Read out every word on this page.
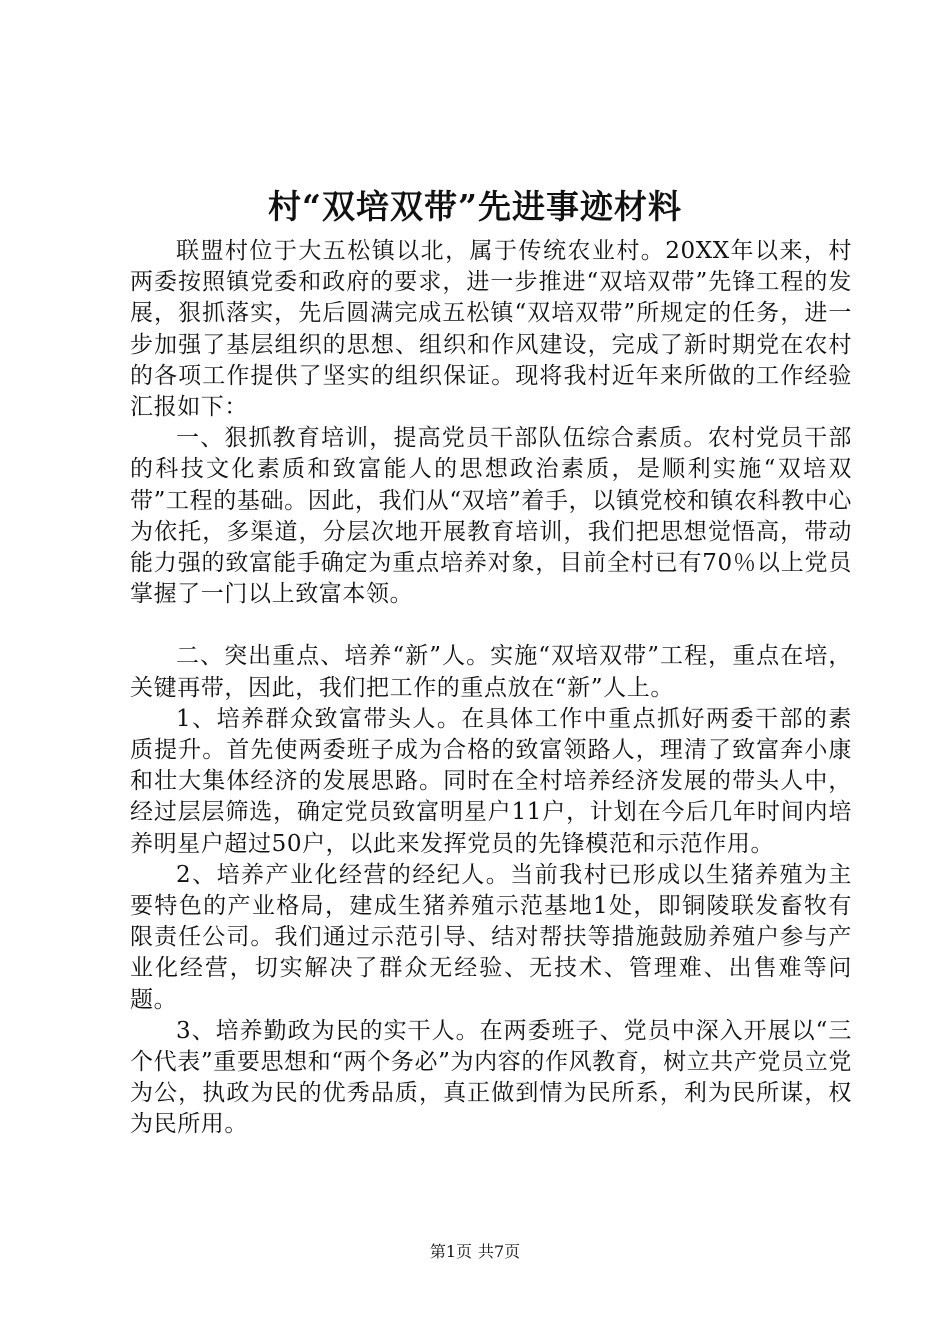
村“双培双带”先进事迹材料

联盟村位于大五松镇以北，属于传统农业村。20XX年以来，村两委按照镇党委和政府的要求，进一步推进“双培双带”先锋工程的发展，狠抓落实，先后圆满完成五松镇“双培双带”所规定的任务，进一步加强了基层组织的思想、组织和作风建设，完成了新时期党在农村的各项工作提供了坚实的组织保证。现将我村近年来所做的工作经验汇报如下：

一、狠抓教育培训，提高党员干部队伍综合素质。农村党员干部的科技文化素质和致富能人的思想政治素质，是顺利实施“双培双带”工程的基础。因此，我们从“双培”着手，以镇党校和镇农科教中心为依托，多渠道，分层次地开展教育培训，我们把思想觉悟高，带动能力强的致富能手确定为重点培养对象，目前全村已有70％以上党员掌握了一门以上致富本领。

二、突出重点、培养“新”人。实施“双培双带”工程，重点在培，关键再带，因此，我们把工作的重点放在“新”人上。

1、培养群众致富带头人。在具体工作中重点抓好两委干部的素质提升。首先使两委班子成为合格的致富领路人，理清了致富奔小康和壮大集体经济的发展思路。同时在全村培养经济发展的带头人中，经过层层筛选，确定党员致富明星户11户，计划在今后几年时间内培养明星户超过50户，以此来发挥党员的先锋模范和示范作用。

2、培养产业化经营的经纪人。当前我村已形成以生猪养殖为主要特色的产业格局，建成生猪养殖示范基地1处，即铜陵联发畜牧有限责任公司。我们通过示范引导、结对帮扶等措施鼓励养殖户参与产业化经营，切实解决了群众无经验、无技术、管理难、出售难等问题。

3、培养勤政为民的实干人。在两委班子、党员中深入开展以“三个代表”重要思想和“两个务必”为内容的作风教育，树立共产党员立党为公，执政为民的优秀品质，真正做到情为民所系，利为民所谋，权为民所用。

第1页 共7页
